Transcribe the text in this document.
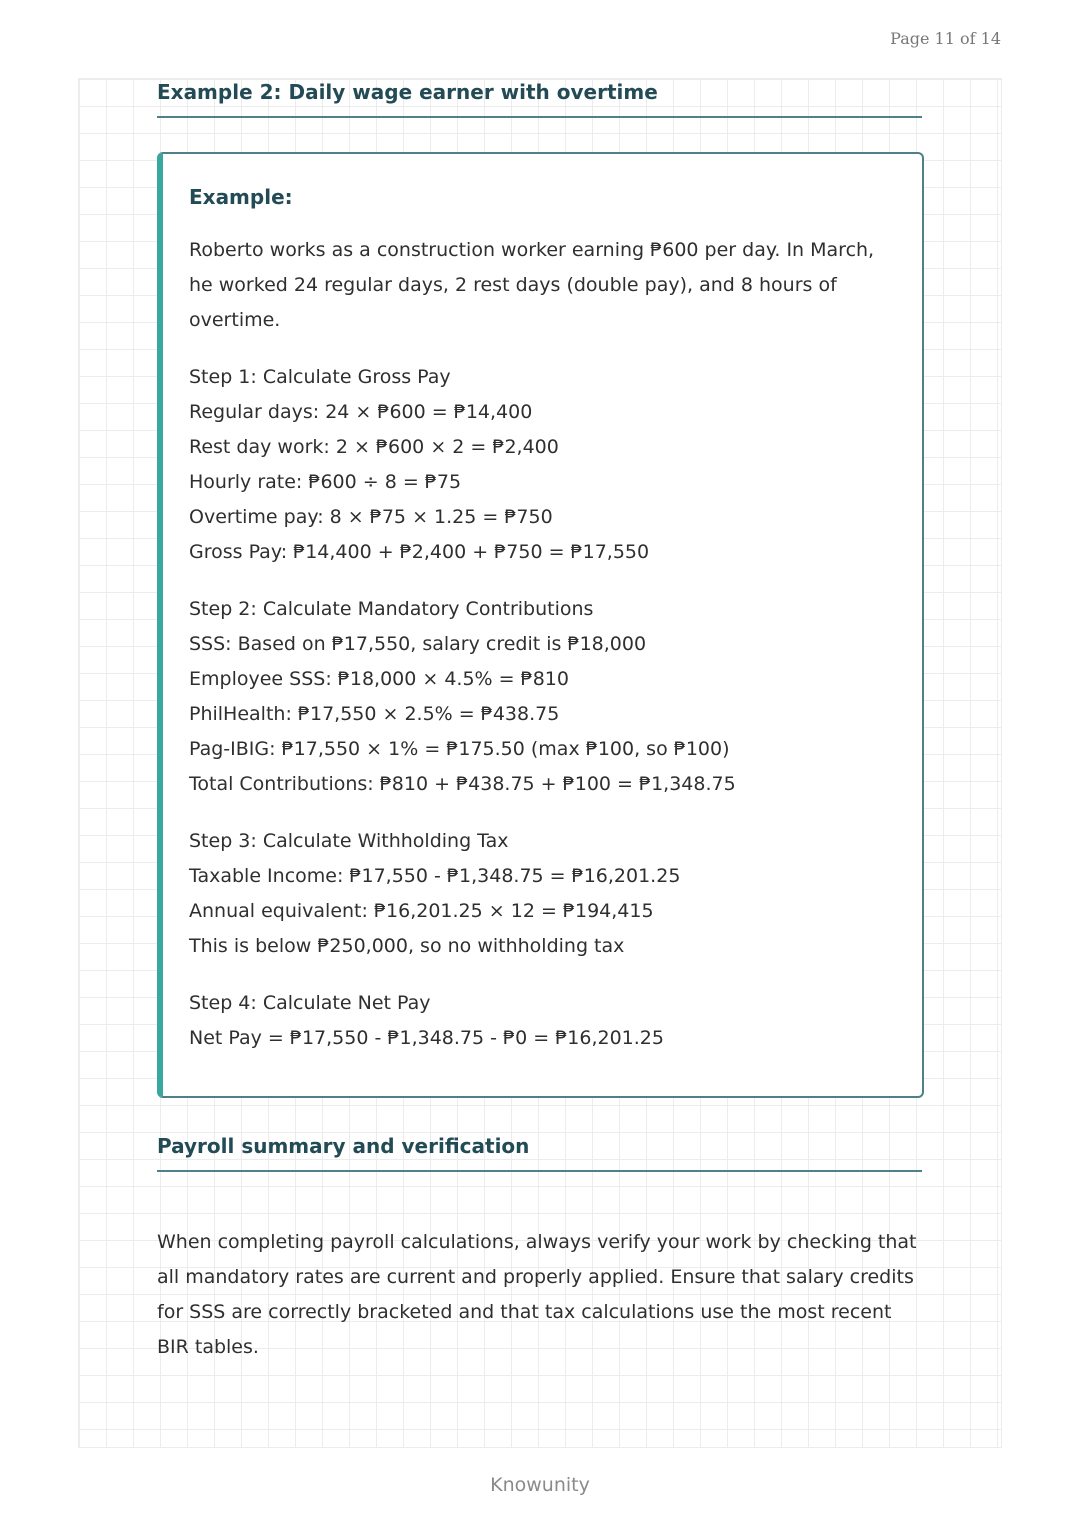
Page 11 of 14
Example 2: Daily wage earner with overtime
Example:

Roberto works as a construction worker earning ₱600 per day. In March, he worked 24 regular days, 2 rest days (double pay), and 8 hours of overtime.

Step 1: Calculate Gross Pay
Regular days: 24 × ₱600 = ₱14,400
Rest day work: 2 × ₱600 × 2 = ₱2,400
Hourly rate: ₱600 ÷ 8 = ₱75
Overtime pay: 8 × ₱75 × 1.25 = ₱750
Gross Pay: ₱14,400 + ₱2,400 + ₱750 = ₱17,550
Step 2: Calculate Mandatory Contributions
SSS: Based on ₱17,550, salary credit is ₱18,000
Employee SSS: ₱18,000 × 4.5% = ₱810
PhilHealth: ₱17,550 × 2.5% = ₱438.75
Pag-IBIG: ₱17,550 × 1% = ₱175.50 (max ₱100, so ₱100)
Total Contributions: ₱810 + ₱438.75 + ₱100 = ₱1,348.75
Step 3: Calculate Withholding Tax
Taxable Income: ₱17,550 - ₱1,348.75 = ₱16,201.25
Annual equivalent: ₱16,201.25 × 12 = ₱194,415
This is below ₱250,000, so no withholding tax
Step 4: Calculate Net Pay
Net Pay = ₱17,550 - ₱1,348.75 - ₱0 = ₱16,201.25
Payroll summary and verification

When completing payroll calculations, always verify your work by checking that all mandatory rates are current and properly applied. Ensure that salary credits for SSS are correctly bracketed and that tax calculations use the most recent BIR tables.

Knowunity
